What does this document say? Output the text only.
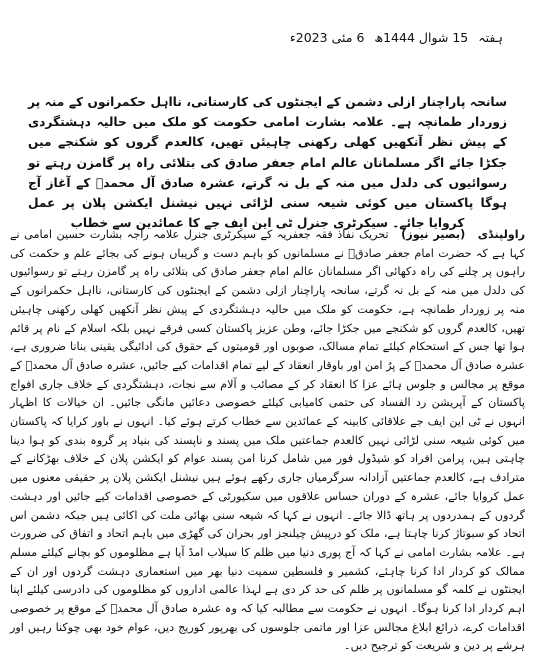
ہفتہ 15 شوال 1444ھ 6 مئی 2023ء

سانحہ پاراچنار ازلی دشمن کے ایجنٹوں کی کارستانی، نااہل حکمرانوں کے منہ پر زوردار طمانچہ ہے۔ علامہ بشارت امامی حکومت کو ملک میں حالیہ دہشتگردی کے پیش نظر آنکھیں کھلی رکھنی چاہیئں تھیں، کالعدم گروں کو شکنجے میں جکڑا جائے اگر مسلمانان عالم امام جعفر صادق کی بتلائی راہ پر گامزن رہتے تو رسوائیوں کی دلدل میں منہ کے بل نہ گرتے، عشرہ صادق آل محمدؐ کے آغاز آج ہوگا پاکستان میں کوئی شیعہ سنی لڑائی نہیں نیشنل ایکشن پلان پر عمل کروایا جائے۔ سیکرٹری جنرل ٹی این ایف جے کا عمائدین سے خطاب

راولپنڈی (بصیر نیوز) تحریک نفاذ فقہ جعفریہ کے سیکرٹری جنرل علامہ راجہ بشارت حسین امامی نے کہا ہے کہ حضرت امام جعفر صادقؑ نے مسلمانوں کو باہم دست و گریباں ہونے کی بجائے علم و حکمت کی راہوں پر چلنے کی راہ دکھائی اگر مسلمانان عالم امام جعفر صادق کی بتلائی راہ پر گامزن رہتے تو رسوائیوں کی دلدل میں منہ کے بل نہ گرتے، سانحہ پاراچنار ازلی دشمن کے ایجنٹوں کی کارستانی، نااہل حکمرانوں کے منہ پر زوردار طمانچہ ہے، حکومت کو ملک میں حالیہ دہشتگردی کے پیش نظر آنکھیں کھلی رکھنی چاہیئں تھیں، کالعدم گروں کو شکنجے میں جکڑا جائے، وطن عزیز پاکستان کسی فرقے نہیں بلکہ اسلام کے نام پر قائم ہوا تھا جس کے استحکام کیلئے تمام مسالک، صوبوں اور قومیتوں کے حقوق کی ادائیگی یقینی بنانا ضروری ہے، عشرہ صادق آل محمدؐ کے پرُ امن اور باوقار انعقاد کے لیے تمام اقدامات کیے جائیں، عشرہ صادق آل محمدؐ کے موقع پر مجالس و جلوس ہائے عزا کا انعقاد کر کے مصائب و آلام سے نجات، دہشتگردی کے خلاف جاری افواج پاکستان کے آپریشن رد الفساد کی حتمی کامیابی کیلئے خصوصی دعائیں مانگی جائیں۔ ان خیالات کا اظہار انہوں نے ٹی این ایف جے علاقائی کابینہ کے عمائدین سے خطاب کرتے ہوئے کیا۔ انہوں نے باور کرایا کہ پاکستان میں کوئی شیعہ سنی لڑائی نہیں کالعدم جماعتیں ملک میں پسند و ناپسند کی بنیاد پر گروہ بندی کو ہوا دینا چاہتی ہیں، پرامن افراد کو شیڈول فور میں شامل کرنا امن پسند عوام کو ایکشن پلان کے خلاف بھڑکانے کے مترادف ہے، کالعدم جماعتیں آزادانہ سرگرمیاں جاری رکھے ہوئے ہیں نیشنل ایکشن پلان پر حقیقی معنوں میں عمل کروایا جائے، عشرہ کے دوران حساس علاقوں میں سکیورٹی کے خصوصی اقدامات کیے جائیں اور دہشت گردوں کے ہمدردوں پر ہاتھ ڈالا جائے۔ انہوں نے کہا کہ شیعہ سنی بھائی ملت کی اکائی ہیں جبکہ دشمن اس اتحاد کو سبوتاژ کرنا چاہتا ہے، ملک کو درپیش چیلنجز اور بحران کی گھڑی میں باہم اتحاد و اتفاق کی ضرورت ہے۔ علامہ بشارت امامی نے کہا کہ آج پوری دنیا میں ظلم کا سیلاب امڈ آیا ہے مظلوموں کو بچانے کیلئے مسلم ممالک کو کردار ادا کرنا چاہئے، کشمیر و فلسطین سمیت دنیا بھر میں استعماری دہشت گردوں اور ان کے ایجنٹوں نے کلمہ گو مسلمانوں پر ظلم کی حد کر دی ہے لہذا عالمی اداروں کو مظلوموں کی دادرسی کیلئے اپنا اہم کردار ادا کرنا ہوگا۔ انہوں نے حکومت سے مطالبہ کیا کہ وہ عشرہ صادق آل محمدؐ کے موقع پر خصوصی اقدامات کرے، ذرائع ابلاغ مجالس عزا اور ماتمی جلوسوں کی بھرپور کوریج دیں، عوام خود بھی چوکنا رہیں اور ہرشے پر دین و شریعت کو ترجیح دیں۔
